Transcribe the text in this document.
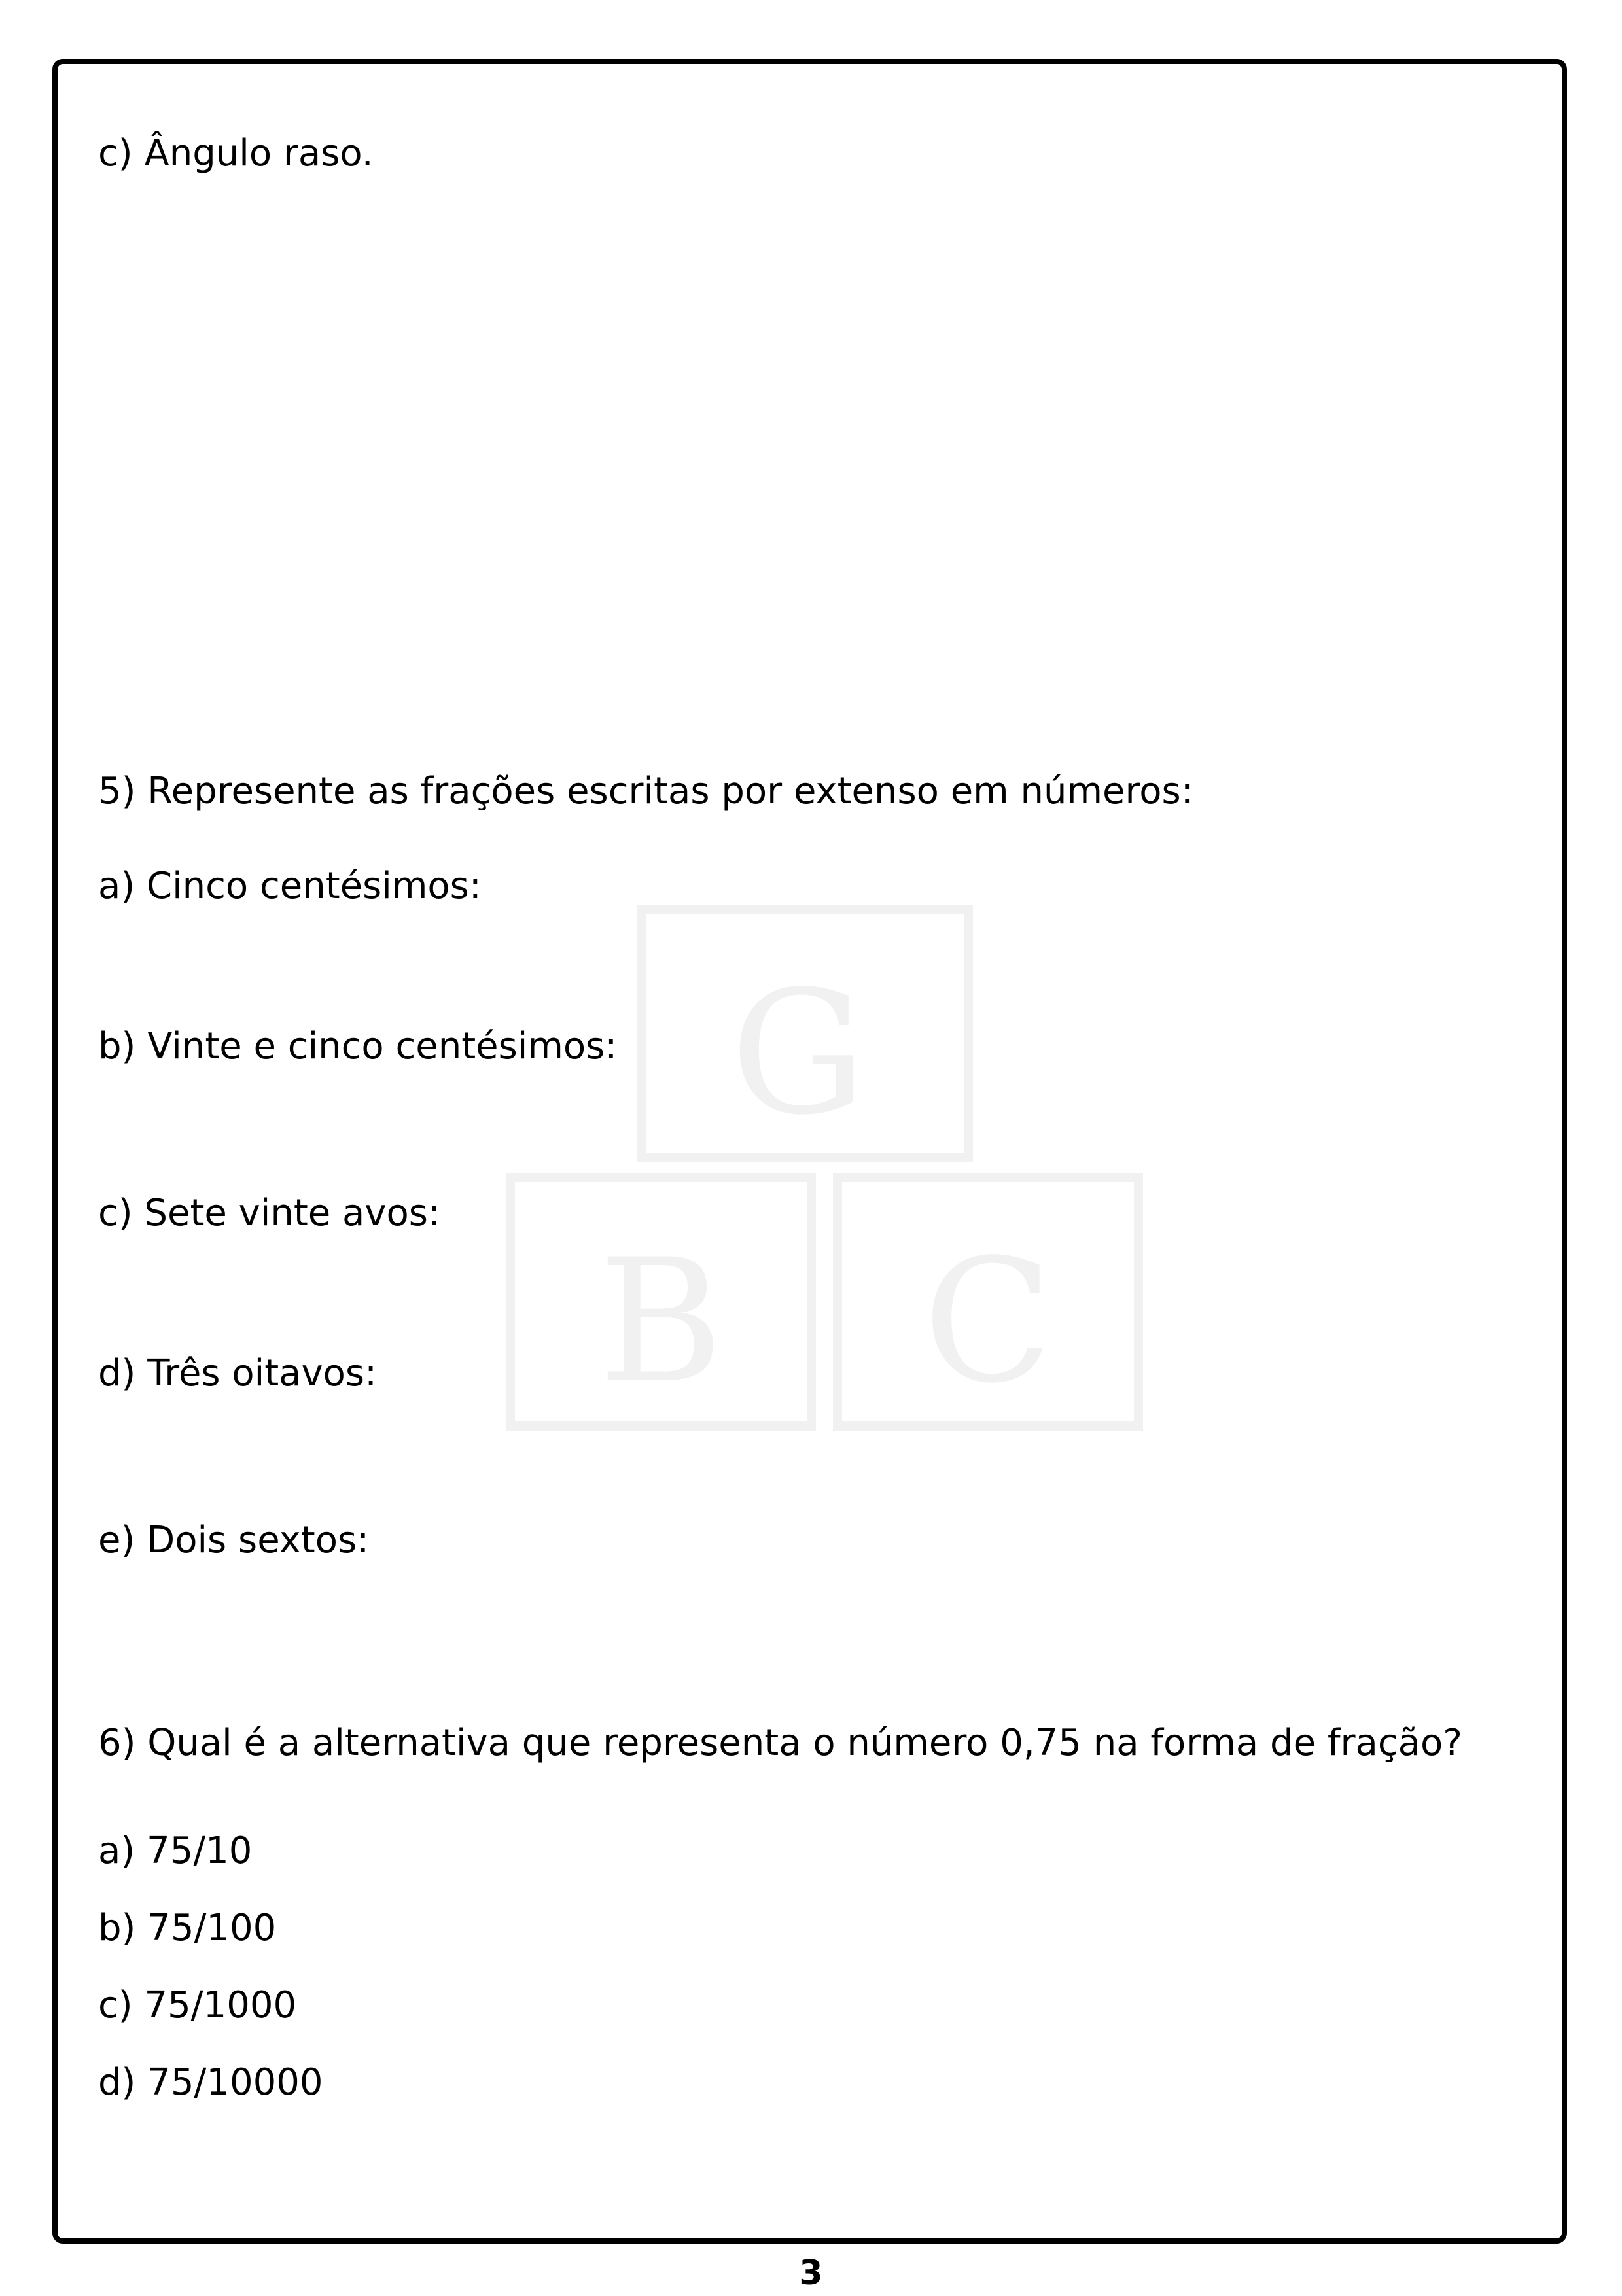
G
B C
c) Ângulo raso.
5) Represente as frações escritas por extenso em números:
a) Cinco centésimos:
b) Vinte e cinco centésimos:
c) Sete vinte avos:
d) Três oitavos:
e) Dois sextos:
6) Qual é a alternativa que representa o número 0,75 na forma de fração?
a) 75/10
b) 75/100
c) 75/1000
d) 75/10000
3
